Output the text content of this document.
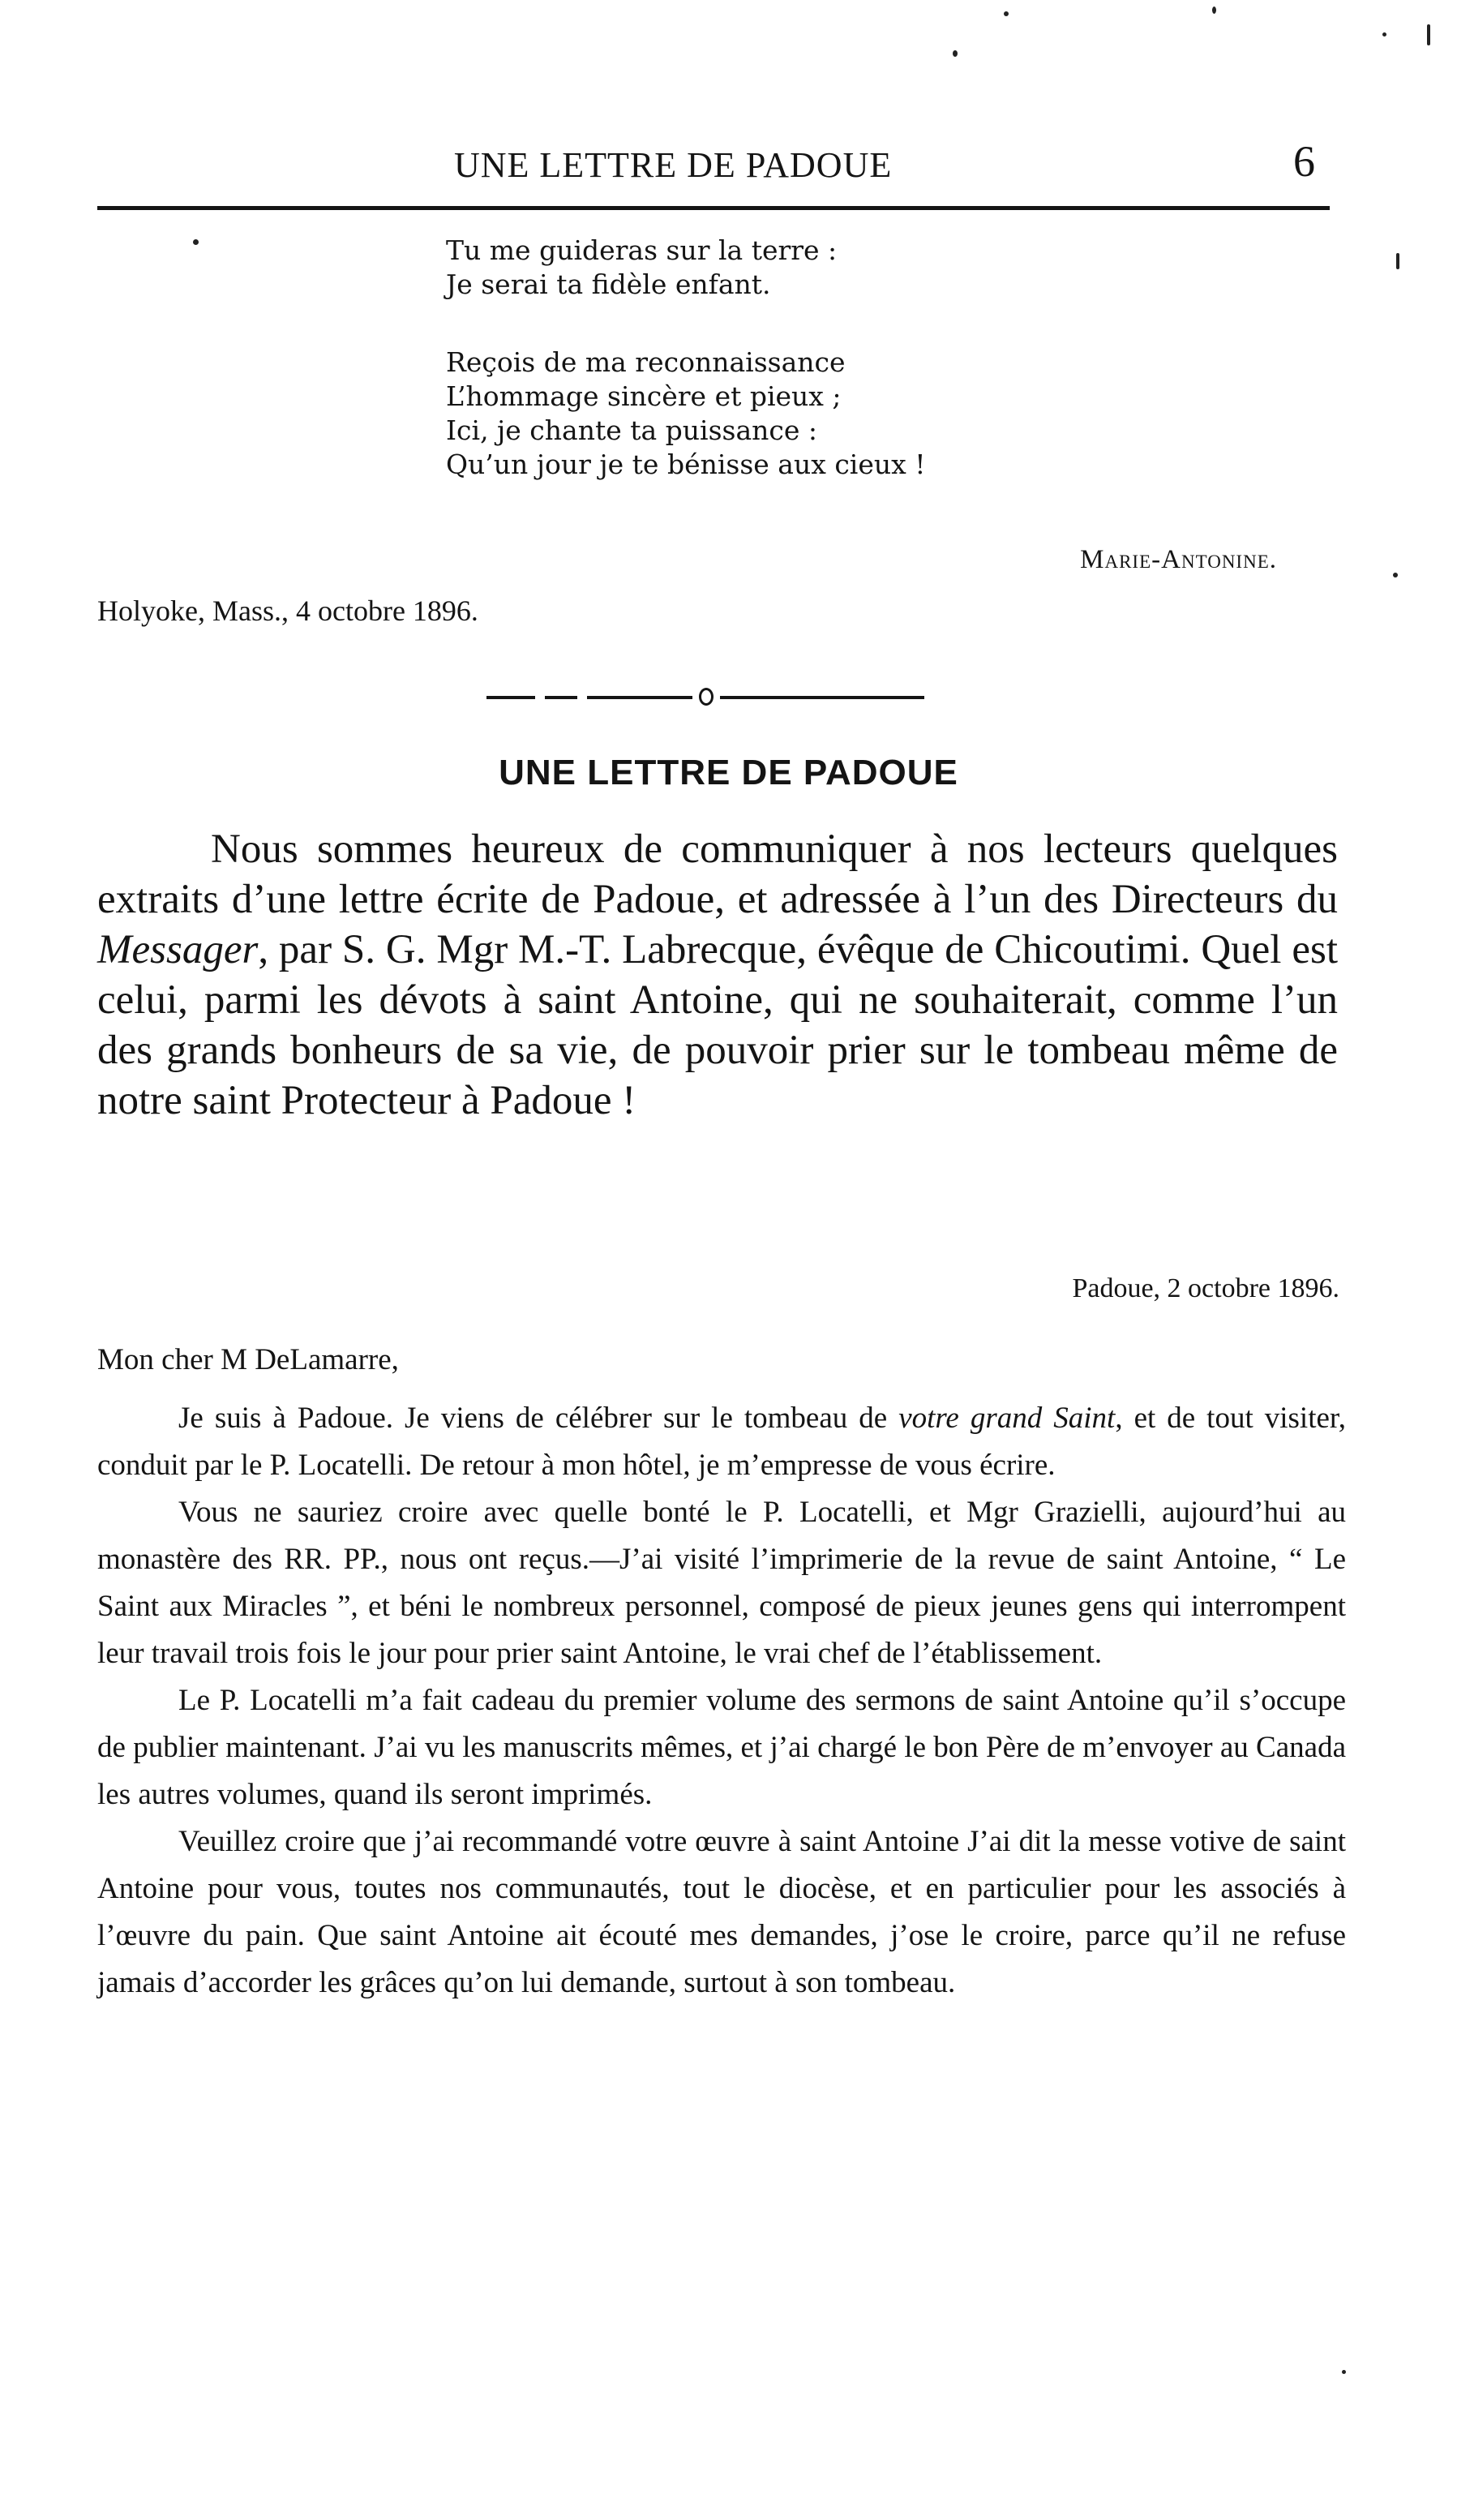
UNE LETTRE DE PADOUE	6
Tu me guideras sur la terre :
Je serai ta fidèle enfant.
Reçois de ma reconnaissance
L’hommage sincère et pieux ;
Ici, je chante ta puissance :
Qu’un jour je te bénisse aux cieux !
Marie-Antonine.
Holyoke, Mass., 4 octobre 1896.
UNE LETTRE DE PADOUE

Nous sommes heureux de communiquer à nos lecteurs quelques extraits d’une lettre écrite de Padoue, et adressée à l’un des Directeurs du Messager, par S. G. Mgr M.-T. Labrecque, évêque de Chicoutimi. Quel est celui, parmi les dévots à saint Antoine, qui ne souhaiterait, comme l’un des grands bonheurs de sa vie, de pouvoir prier sur le tombeau même de notre saint Protecteur à Padoue !

Padoue, 2 octobre 1896.
Mon cher M DeLamarre,

Je suis à Padoue. Je viens de célébrer sur le tombeau de votre grand Saint, et de tout visiter, conduit par le P. Locatelli. De retour à mon hôtel, je m’empresse de vous écrire.

Vous ne sauriez croire avec quelle bonté le P. Locatelli, et Mgr Grazielli, aujourd’hui au monastère des RR. PP., nous ont reçus.—J’ai visité l’imprimerie de la revue de saint Antoine, “ Le Saint aux Miracles ”, et béni le nombreux personnel, composé de pieux jeunes gens qui interrompent leur travail trois fois le jour pour prier saint Antoine, le vrai chef de l’établissement.

Le P. Locatelli m’a fait cadeau du premier volume des sermons de saint Antoine qu’il s’occupe de publier maintenant. J’ai vu les manuscrits mêmes, et j’ai chargé le bon Père de m’envoyer au Canada les autres volumes, quand ils seront imprimés.

Veuillez croire que j’ai recommandé votre œuvre à saint Antoine J’ai dit la messe votive de saint Antoine pour vous, toutes nos communautés, tout le diocèse, et en particulier pour les associés à l’œuvre du pain. Que saint Antoine ait écouté mes demandes, j’ose le croire, parce qu’il ne refuse jamais d’accorder les grâces qu’on lui demande, surtout à son tombeau.
